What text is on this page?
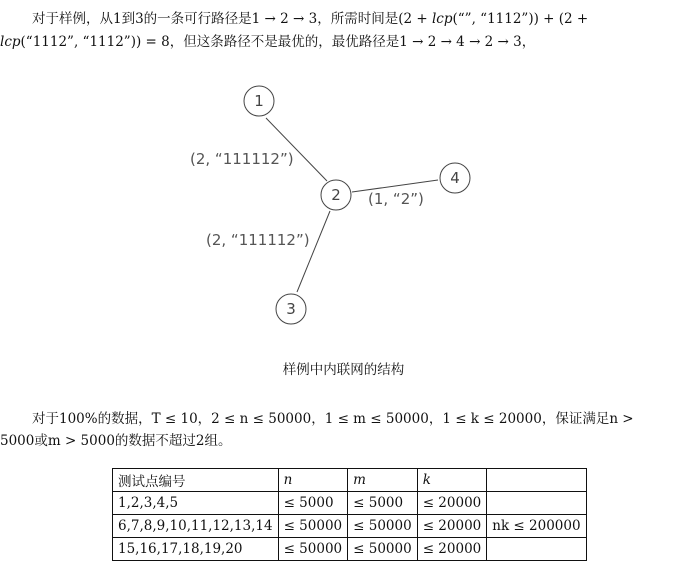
对于样例，从1到3的一条可行路径是1 → 2 → 3，所需时间是(2 + lcp(“”, “1112”)) + (2 +
lcp(“1112”, “1112”)) = 8，但这条路径不是最优的，最优路径是1 → 2 → 4 → 2 → 3，
1
2
4
3
(2, “111112”)
(1, “2”)
(2, “111112”)
样例中内联网的结构
对于100%的数据，T ≤ 10，2 ≤ n ≤ 50000，1 ≤ m ≤ 50000，1 ≤ k ≤ 20000，保证满足n >
5000或m > 5000的数据不超过2组。
测试点编号	n	m	k	
1,2,3,4,5	≤ 5000	≤ 5000	≤ 20000	
6,7,8,9,10,11,12,13,14	≤ 50000	≤ 50000	≤ 20000	nk ≤ 200000
15,16,17,18,19,20	≤ 50000	≤ 50000	≤ 20000	
